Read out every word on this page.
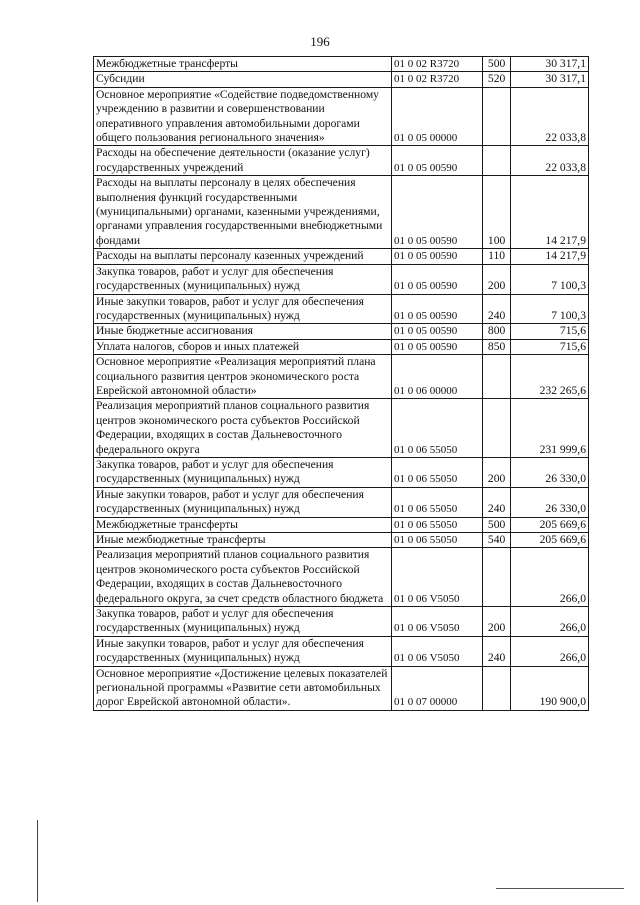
196
Межбюджетные трансферты	01 0 02 R3720	500	30 317,1
Субсидии	01 0 02 R3720	520	30 317,1
Основное мероприятие «Содействие подведомственному учреждению в развитии и совершенствовании оперативного управления автомобильными дорогами общего пользования регионального значения»	01 0 05 00000		22 033,8
Расходы на обеспечение деятельности (оказание услуг) государственных учреждений	01 0 05 00590		22 033,8
Расходы на выплаты персоналу в целях обеспечения выполнения функций государственными (муниципальными) органами, казенными учреждениями, органами управления государственными внебюджетными фондами	01 0 05 00590	100	14 217,9
Расходы на выплаты персоналу казенных учреждений	01 0 05 00590	110	14 217,9
Закупка товаров, работ и услуг для обеспечения государственных (муниципальных) нужд	01 0 05 00590	200	7 100,3
Иные закупки товаров, работ и услуг для обеспечения государственных (муниципальных) нужд	01 0 05 00590	240	7 100,3
Иные бюджетные ассигнования	01 0 05 00590	800	715,6
Уплата налогов, сборов и иных платежей	01 0 05 00590	850	715,6
Основное мероприятие «Реализация мероприятий плана социального развития центров экономического роста Еврейской автономной области»	01 0 06 00000		232 265,6
Реализация мероприятий планов социального развития центров экономического роста субъектов Российской Федерации, входящих в состав Дальневосточного федерального округа	01 0 06 55050		231 999,6
Закупка товаров, работ и услуг для обеспечения государственных (муниципальных) нужд	01 0 06 55050	200	26 330,0
Иные закупки товаров, работ и услуг для обеспечения государственных (муниципальных) нужд	01 0 06 55050	240	26 330,0
Межбюджетные трансферты	01 0 06 55050	500	205 669,6
Иные межбюджетные трансферты	01 0 06 55050	540	205 669,6
Реализация мероприятий планов социального развития центров экономического роста субъектов Российской Федерации, входящих в состав Дальневосточного федерального округа, за счет средств областного бюджета	01 0 06 V5050		266,0
Закупка товаров, работ и услуг для обеспечения государственных (муниципальных) нужд	01 0 06 V5050	200	266,0
Иные закупки товаров, работ и услуг для обеспечения государственных (муниципальных) нужд	01 0 06 V5050	240	266,0
Основное мероприятие «Достижение целевых показателей региональной программы «Развитие сети автомобильных дорог Еврейской автономной области».	01 0 07 00000		190 900,0
